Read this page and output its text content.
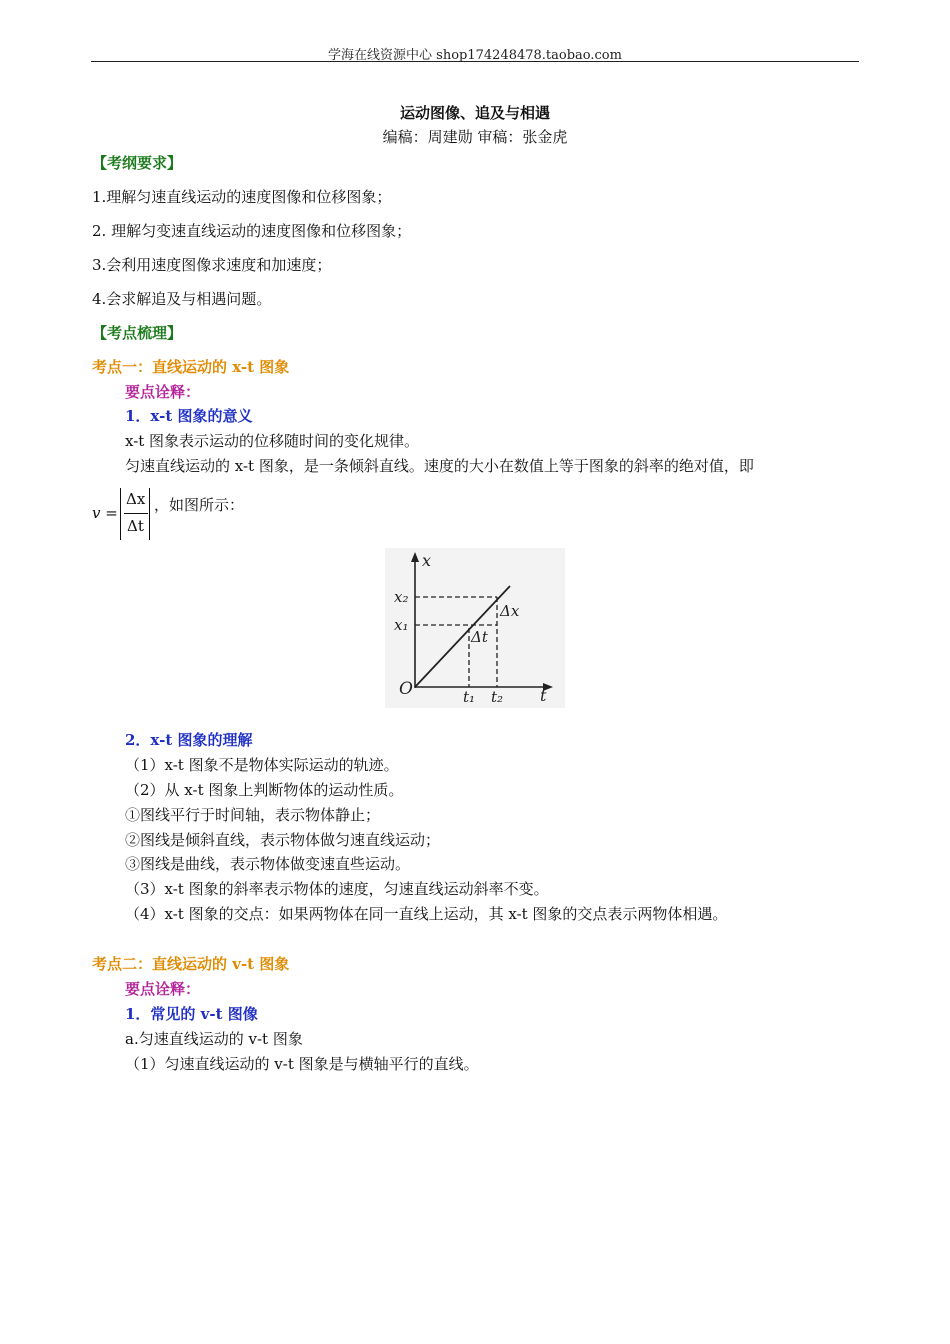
学海在线资源中心 shop174248478.taobao.com
运动图像、追及与相遇
编稿：周建勋 审稿：张金虎
【考纲要求】
1.理解匀速直线运动的速度图像和位移图象；
2. 理解匀变速直线运动的速度图像和位移图象；
3.会利用速度图像求速度和加速度；
4.会求解追及与相遇问题。
【考点梳理】
考点一：直线运动的 x-t 图象
要点诠释：
1．x-t 图象的意义
x-t 图象表示运动的位移随时间的变化规律。
匀速直线运动的 x-t 图象，是一条倾斜直线。速度的大小在数值上等于图象的斜率的绝对值，即
v =
Δx
Δt
，如图所示：
x
t
O
x₂
x₁
t₁ t₂
Δx
Δt
2．x-t 图象的理解
（1）x-t 图象不是物体实际运动的轨迹。
（2）从 x-t 图象上判断物体的运动性质。
①图线平行于时间轴，表示物体静止；
②图线是倾斜直线，表示物体做匀速直线运动；
③图线是曲线，表示物体做变速直些运动。
（3）x-t 图象的斜率表示物体的速度，匀速直线运动斜率不变。
（4）x-t 图象的交点：如果两物体在同一直线上运动，其 x-t 图象的交点表示两物体相遇。
考点二：直线运动的 v-t 图象
要点诠释：
1．常见的 v-t 图像
a.匀速直线运动的 v-t 图象
（1）匀速直线运动的 v-t 图象是与横轴平行的直线。
